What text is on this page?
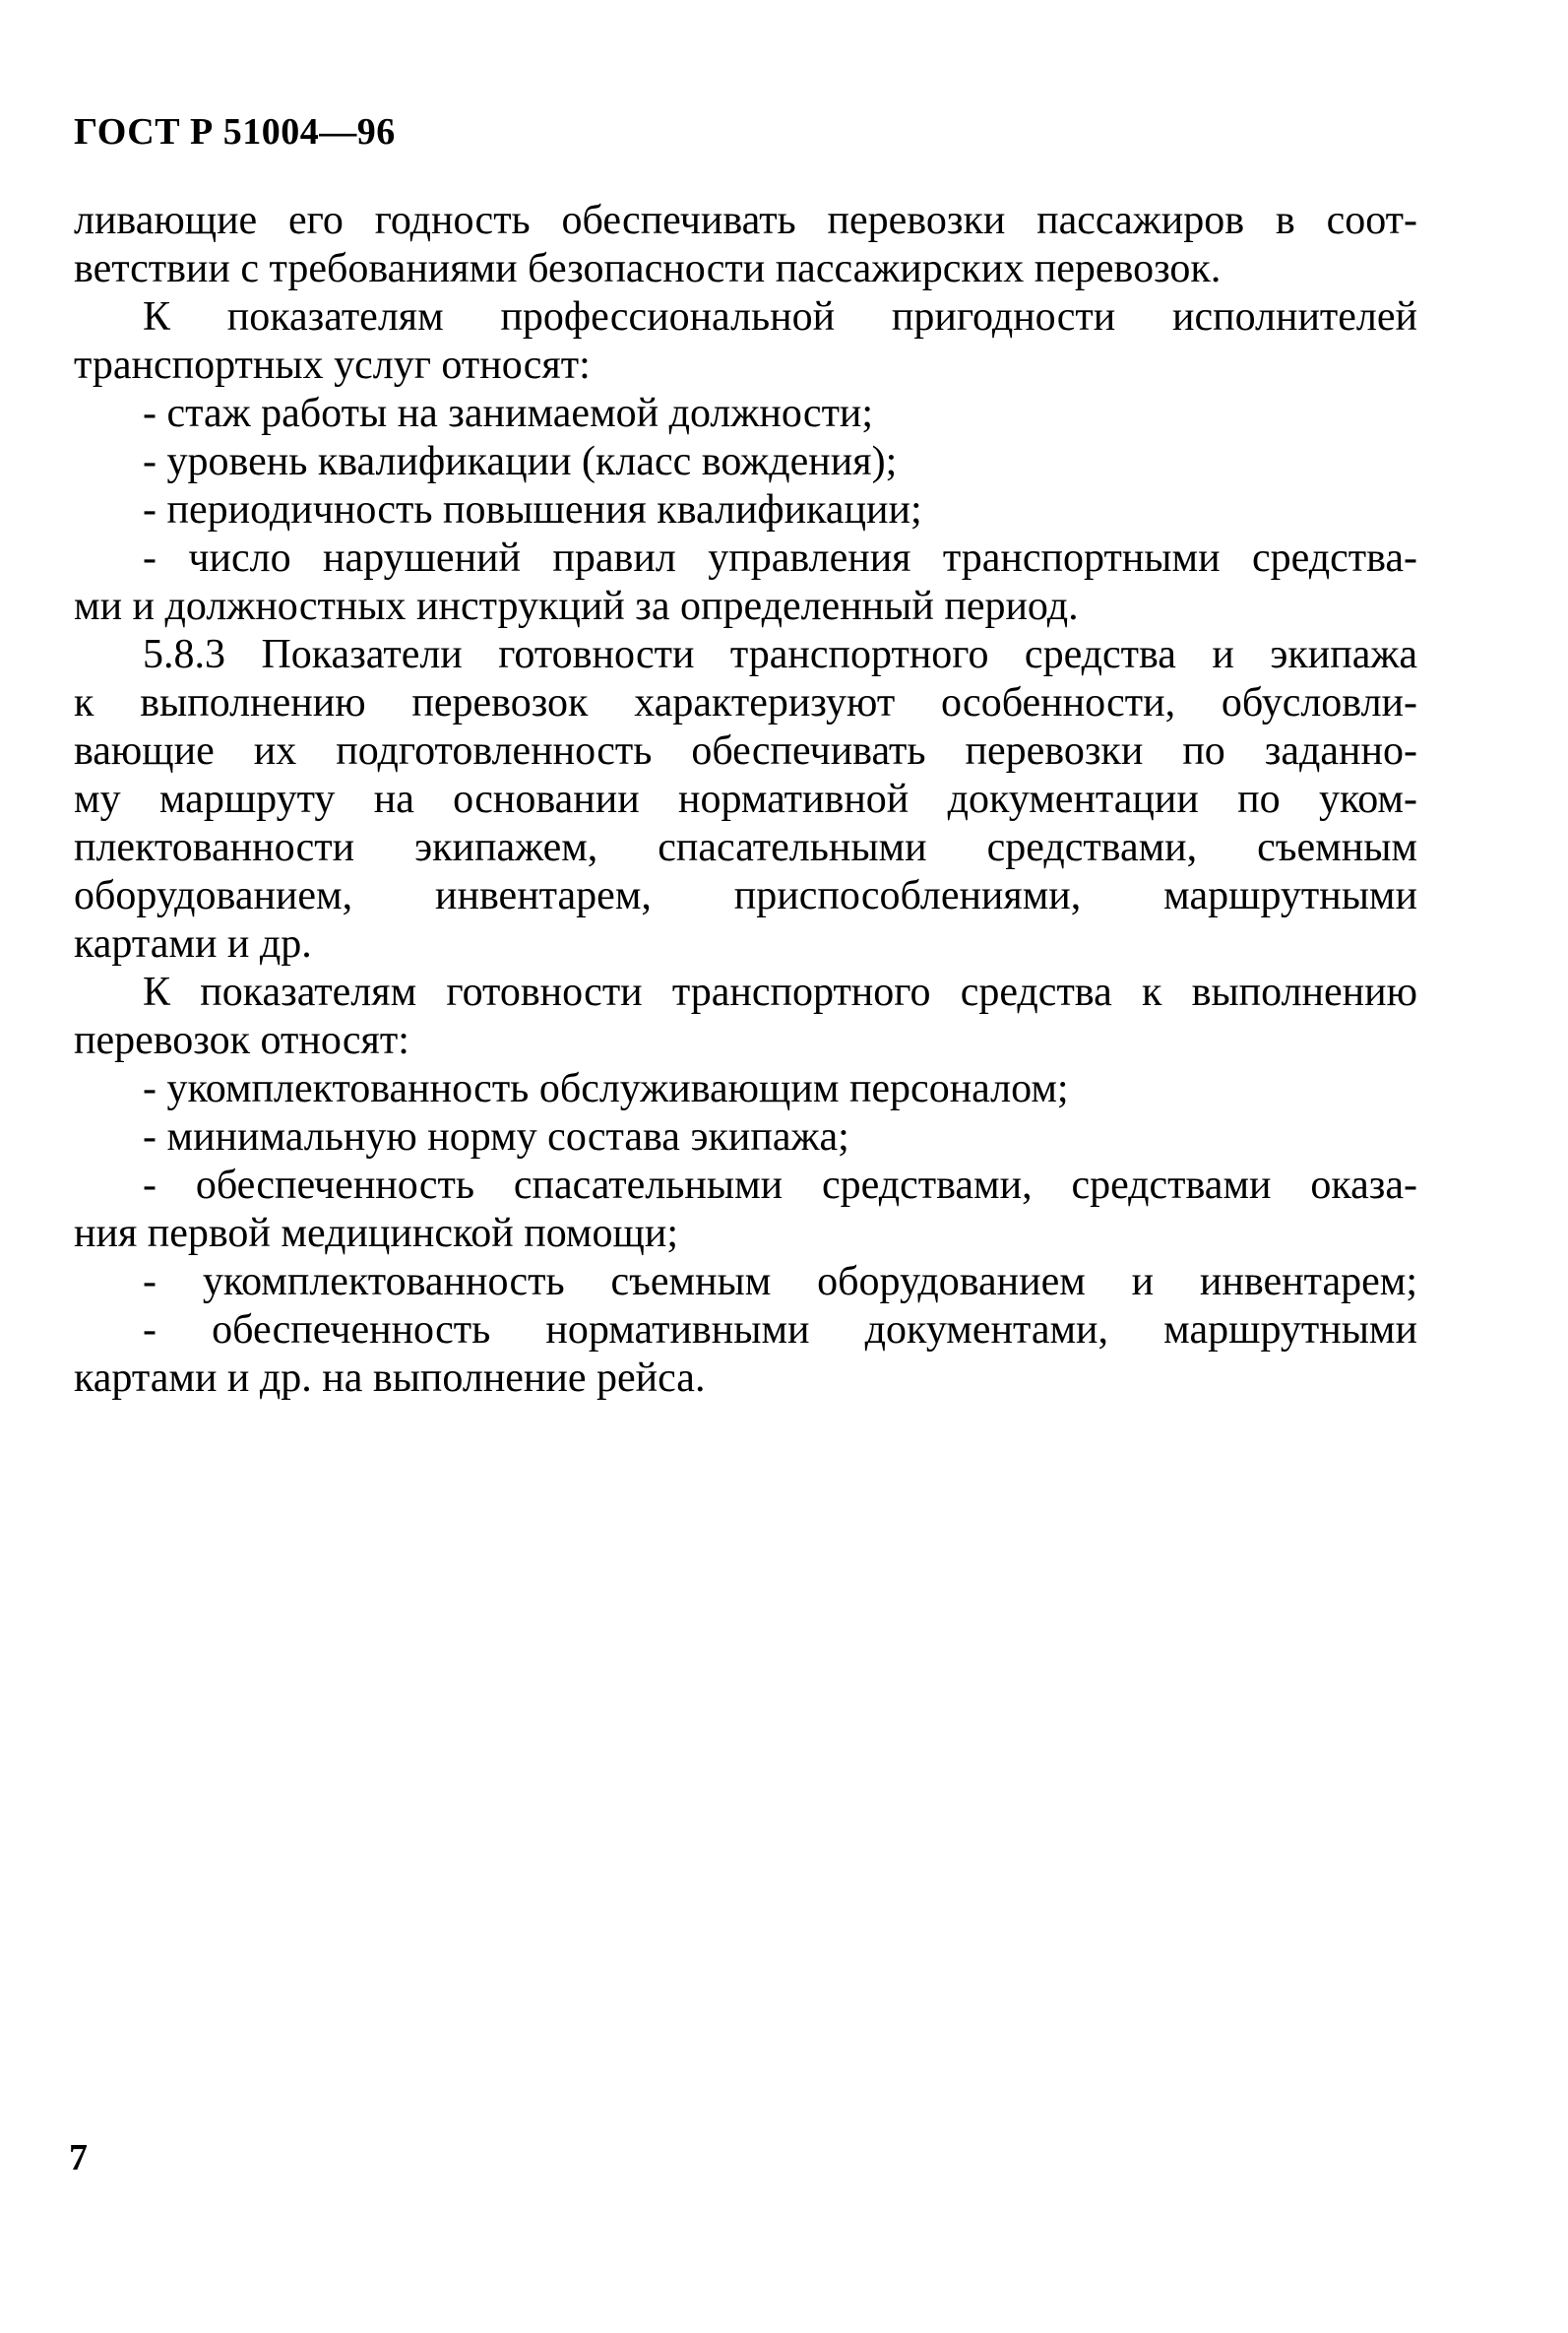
ГОСТ Р 51004—96
ливающие его годность обеспечивать перевозки пассажиров в соот-
ветствии с требованиями безопасности пассажирских перевозок.
К показателям профессиональной пригодности исполнителей
транспортных услуг относят:
- стаж работы на занимаемой должности;
- уровень квалификации (класс вождения);
- периодичность повышения квалификации;
- число нарушений правил управления транспортными средства-
ми и должностных инструкций за определенный период.
5.8.3 Показатели готовности транспортного средства и экипажа
к выполнению перевозок характеризуют особенности, обусловли-
вающие их подготовленность обеспечивать перевозки по заданно-
му маршруту на основании нормативной документации по уком-
плектованности экипажем, спасательными средствами, съемным
оборудованием, инвентарем, приспособлениями, маршрутными
картами и др.
К показателям готовности транспортного средства к выполнению
перевозок относят:
- укомплектованность обслуживающим персоналом;
- минимальную норму состава экипажа;
- обеспеченность спасательными средствами, средствами оказа-
ния первой медицинской помощи;
- укомплектованность съемным оборудованием и инвентарем;
- обеспеченность нормативными документами, маршрутными
картами и др. на выполнение рейса.
7
